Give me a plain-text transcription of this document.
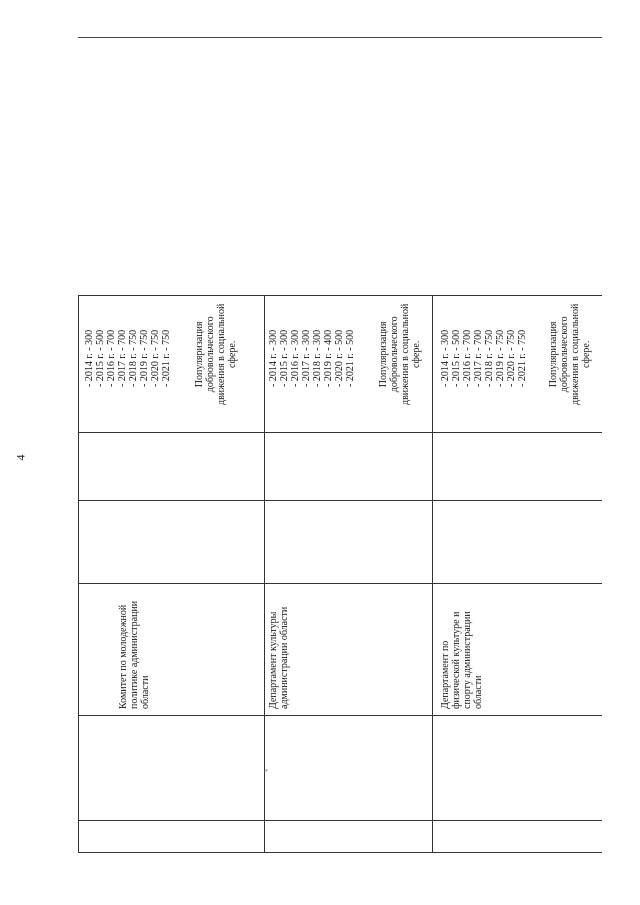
4
- 2014 г. - 300
- 2015 г. - 500
- 2016 г. - 700
- 2017 г. - 700
- 2018 г. - 750
- 2019 г. - 750
- 2020 г. - 750
- 2021 г. - 750 Популяризация
добровольческого
движения в социальной
сфере.
Комитет по молодежной
политике администрации
области
- 2014 г. - 300
- 2015 г. - 300
- 2016 г. - 300
- 2017 г. - 300
- 2018 г. - 300
- 2019 г. - 400
- 2020 г. - 500
- 2021 г. - 500 Популяризация
добровольческого
движения в социальной
сфере.
Департамент культуры
администрации области
- 2014 г. - 300
- 2015 г. - 500
- 2016 г. - 700
- 2017 г. - 700
- 2018 г. - 750
- 2019 г. - 750
- 2020 г. - 750
- 2021 г. - 750 Популяризация
добровольческого
движения в социальной
сфере.
Департамент по
физической культуре и
спорту администрации
области
